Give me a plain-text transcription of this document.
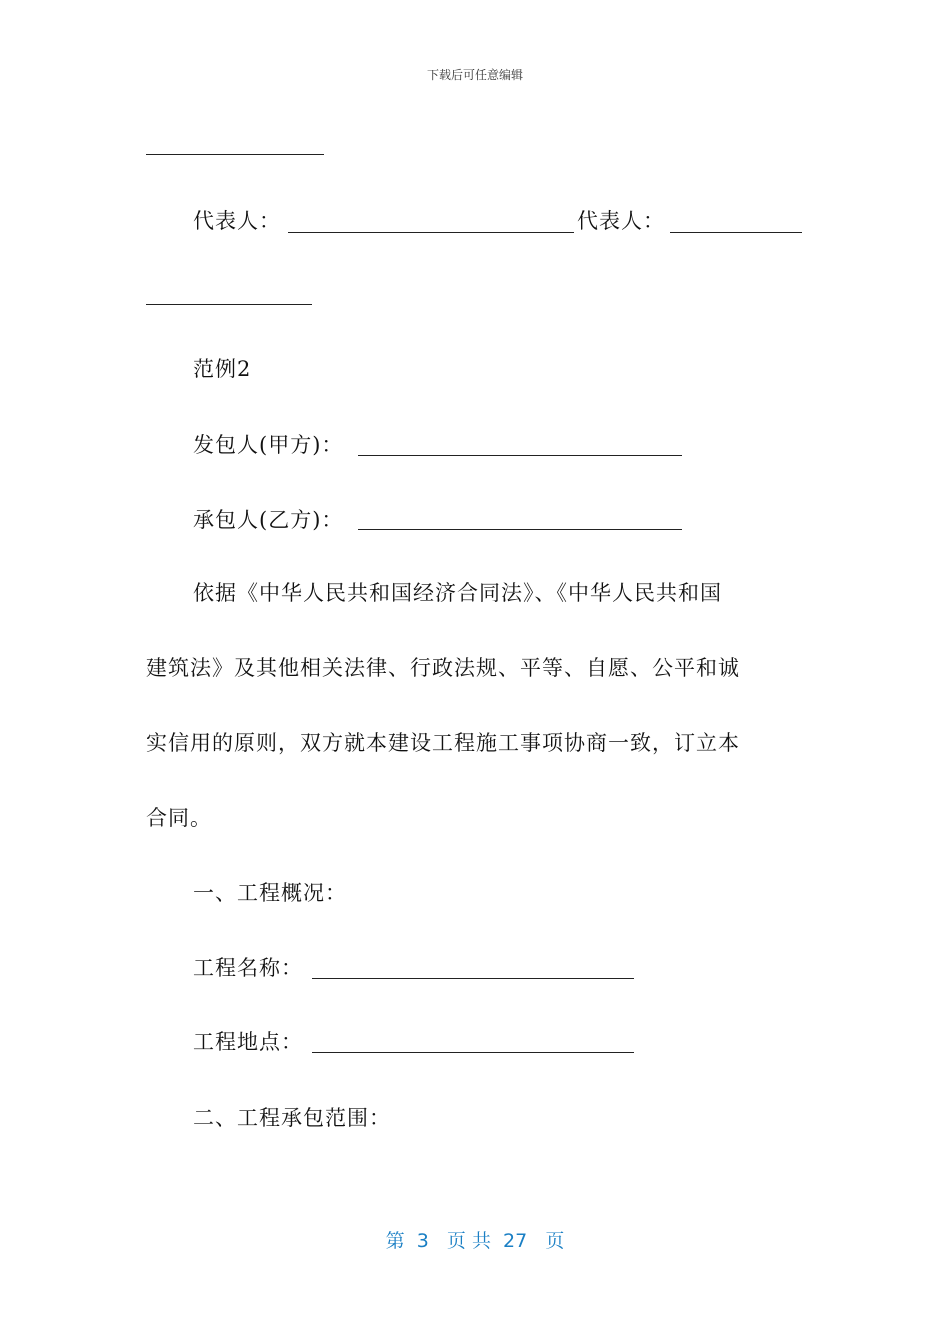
下载后可任意编辑
代表人：	代表人：
范例2
发包人(甲方)：
承包人(乙方)：
依据《中华人民共和国经济合同法》、《中华人民共和国
建筑法》及其他相关法律、行政法规、平等、自愿、公平和诚
实信用的原则，双方就本建设工程施工事项协商一致，订立本
合同。
一、工程概况：
工程名称：
工程地点：
二、工程承包范围：
第  3   页 共  27   页
